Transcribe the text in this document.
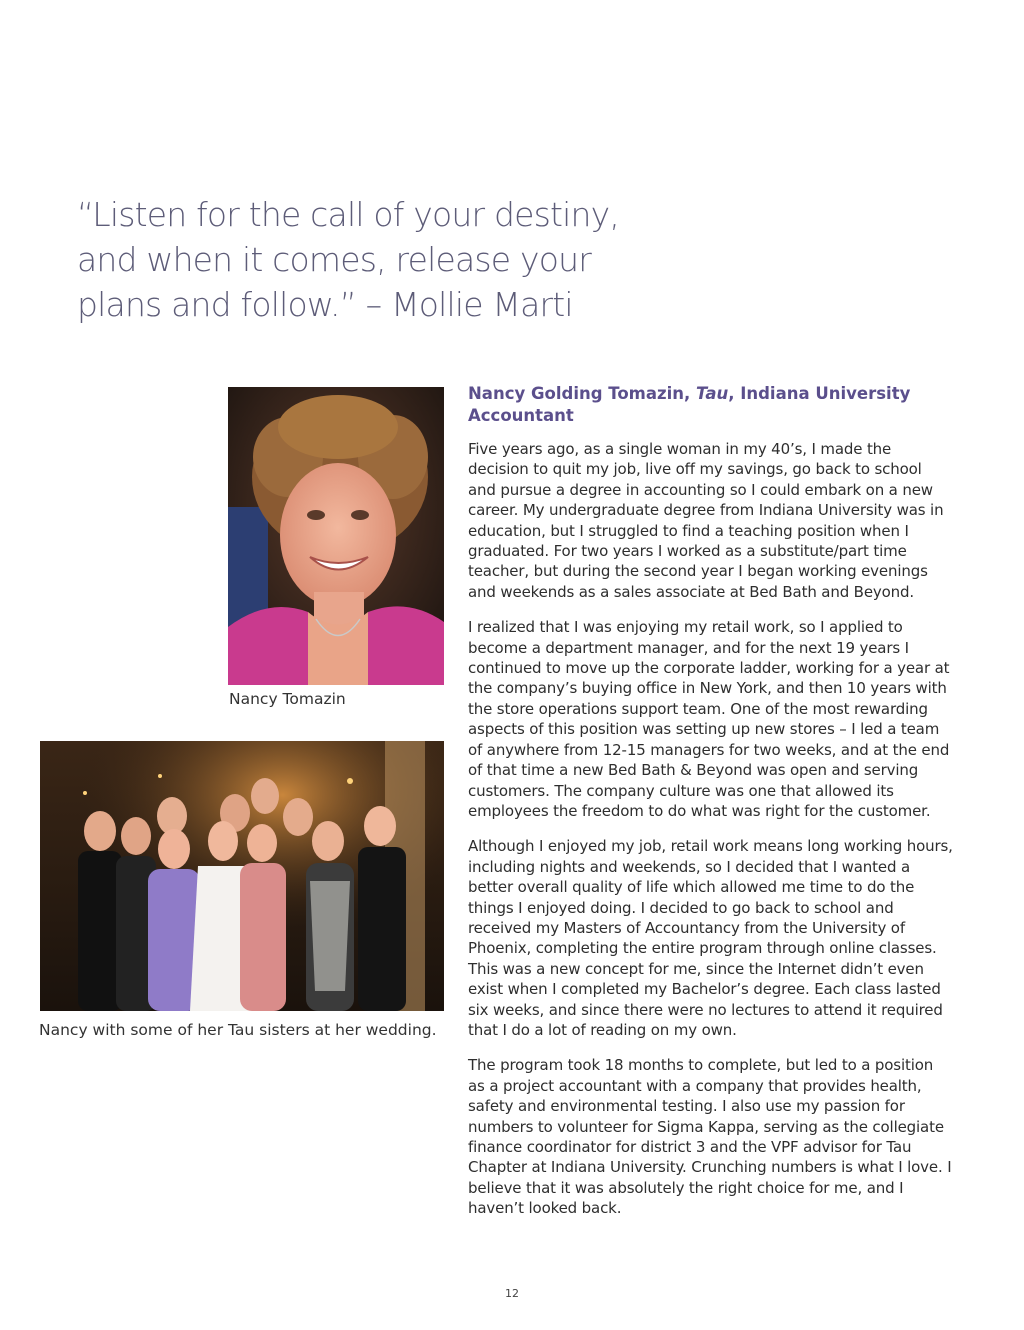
“Listen for the call of your destiny,
and when it comes, release your
plans and follow.” – Mollie Marti
Nancy Tomazin
Nancy with some of her Tau sisters at her wedding.
Nancy Golding Tomazin, Tau, Indiana University
Accountant

Five years ago, as a single woman in my 40’s, I made the decision to quit my job, live off my savings, go back to school and pursue a degree in accounting so I could embark on a new career. My undergraduate degree from Indiana University was in education, but I struggled to find a teaching position when I graduated. For two years I worked as a substitute/part time teacher, but during the second year I began working evenings and weekends as a sales associate at Bed Bath and Beyond.

I realized that I was enjoying my retail work, so I applied to become a department manager, and for the next 19 years I continued to move up the corporate ladder, working for a year at the company’s buying office in New York, and then 10 years with the store operations support team. One of the most rewarding aspects of this position was setting up new stores – I led a team of anywhere from 12-15 managers for two weeks, and at the end of that time a new Bed Bath & Beyond was open and serving customers. The company culture was one that allowed its employees the freedom to do what was right for the customer.

Although I enjoyed my job, retail work means long working hours, including nights and weekends, so I decided that I wanted a better overall quality of life which allowed me time to do the things I enjoyed doing. I decided to go back to school and received my Masters of Accountancy from the University of Phoenix, completing the entire program through online classes. This was a new concept for me, since the Internet didn’t even exist when I completed my Bachelor’s degree. Each class lasted six weeks, and since there were no lectures to attend it required that I do a lot of reading on my own.

The program took 18 months to complete, but led to a position as a project accountant with a company that provides health, safety and environmental testing. I also use my passion for numbers to volunteer for Sigma Kappa, serving as the collegiate finance coordinator for district 3 and the VPF advisor for Tau Chapter at Indiana University. Crunching numbers is what I love. I believe that it was absolutely the right choice for me, and I haven’t looked back.

12
